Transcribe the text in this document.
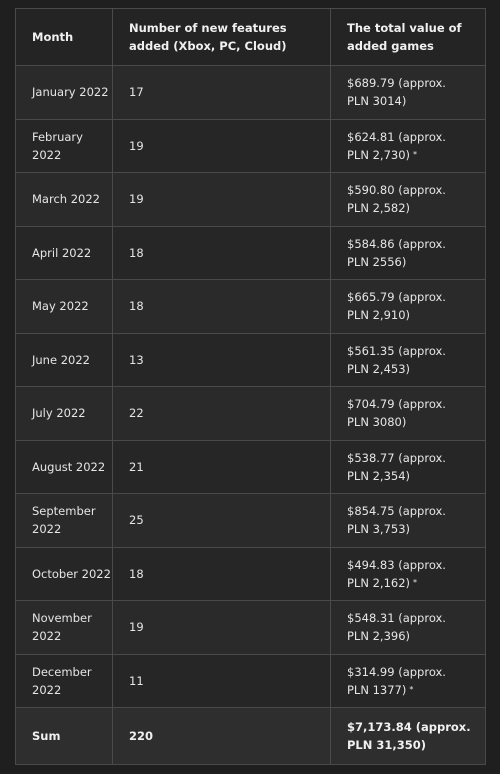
Month	Number of new features added (Xbox, PC, Cloud)	The total value of added games
January 2022	17	$689.79 (approx. PLN 3014)
February 2022	19	$624.81 (approx. PLN 2,730) *
March 2022	19	$590.80 (approx. PLN 2,582)
April 2022	18	$584.86 (approx. PLN 2556)
May 2022	18	$665.79 (approx. PLN 2,910)
June 2022	13	$561.35 (approx. PLN 2,453)
July 2022	22	$704.79 (approx. PLN 3080)
August 2022	21	$538.77 (approx. PLN 2,354)
September 2022	25	$854.75 (approx. PLN 3,753)
October 2022	18	$494.83 (approx. PLN 2,162) *
November 2022	19	$548.31 (approx. PLN 2,396)
December 2022	11	$314.99 (approx. PLN 1377) *
Sum	220	$7,173.84 (approx. PLN 31,350)
